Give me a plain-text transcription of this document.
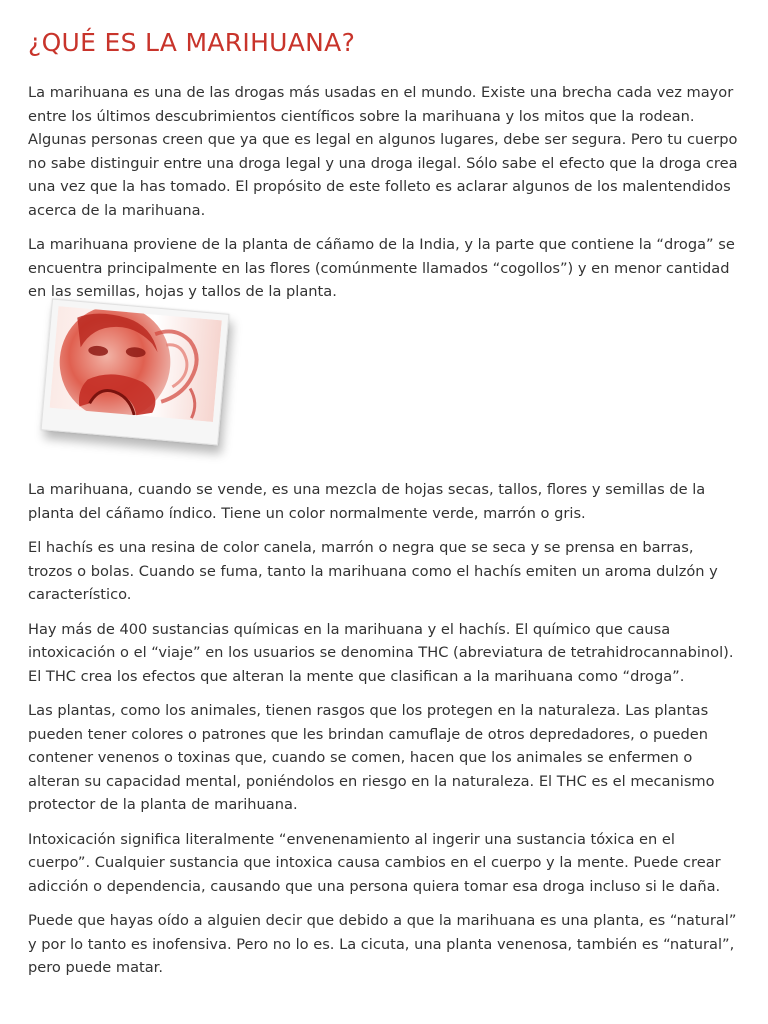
¿QUÉ ES LA MARIHUANA?

La marihuana es una de las drogas más usadas en el mundo. Existe una brecha cada vez mayor entre los últimos descubrimientos científicos sobre la marihuana y los mitos que la rodean. Algunas personas creen que ya que es legal en algunos lugares, debe ser segura. Pero tu cuerpo no sabe distinguir entre una droga legal y una droga ilegal. Sólo sabe el efecto que la droga crea una vez que la has tomado. El propósito de este folleto es aclarar algunos de los malentendidos acerca de la marihuana.

La marihuana proviene de la planta de cáñamo de la India, y la parte que contiene la “droga” se encuentra principalmente en las flores (comúnmente llamados “cogollos”) y en menor cantidad en las semillas, hojas y tallos de la planta.

La marihuana, cuando se vende, es una mezcla de hojas secas, tallos, flores y semillas de la planta del cáñamo índico. Tiene un color normalmente verde, marrón o gris.

El hachís es una resina de color canela, marrón o negra que se seca y se prensa en barras, trozos o bolas. Cuando se fuma, tanto la marihuana como el hachís emiten un aroma dulzón y característico.

Hay más de 400 sustancias químicas en la marihuana y el hachís. El químico que causa intoxicación o el “viaje” en los usuarios se denomina THC (abreviatura de tetrahidrocannabinol). El THC crea los efectos que alteran la mente que clasifican a la marihuana como “droga”.

Las plantas, como los animales, tienen rasgos que los protegen en la naturaleza. Las plantas pueden tener colores o patrones que les brindan camuflaje de otros depredadores, o pueden contener venenos o toxinas que, cuando se comen, hacen que los animales se enfermen o alteran su capacidad mental, poniéndolos en riesgo en la naturaleza. El THC es el mecanismo protector de la planta de marihuana.

Intoxicación significa literalmente “envenenamiento al ingerir una sustancia tóxica en el cuerpo”. Cualquier sustancia que intoxica causa cambios en el cuerpo y la mente. Puede crear adicción o dependencia, causando que una persona quiera tomar esa droga incluso si le daña.

Puede que hayas oído a alguien decir que debido a que la marihuana es una planta, es “natural” y por lo tanto es inofensiva. Pero no lo es. La cicuta, una planta venenosa, también es “natural”, pero puede matar.
